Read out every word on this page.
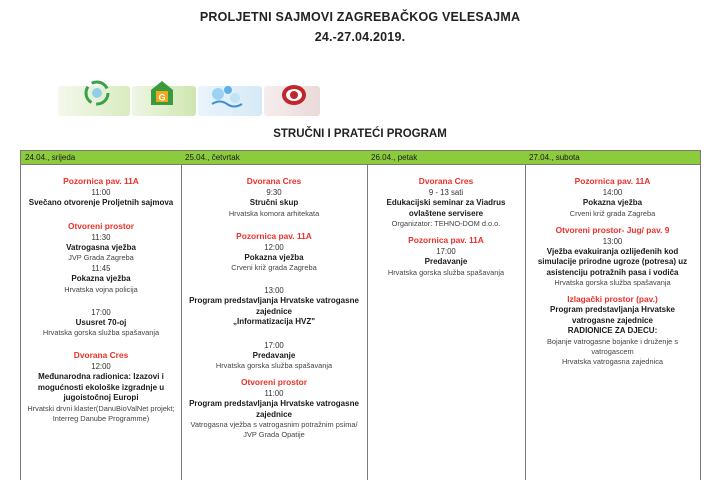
PROLJETNI SAJMOVI ZAGREBAČKOG VELESAJMA
24.-27.04.2019.
G
STRUČNI I PRATEĆI PROGRAM
24.04., srijeda
Pozornica pav. 11A
11:00
Svečano otvorenje Proljetnih sajmova
Otvoreni prostor
11:30
Vatrogasna vježba
JVP Grada Zagreba
11:45
Pokazna vježba
Hrvatska vojna policija
17:00
Ususret 70-oj
Hrvatska gorska služba spašavanja
Dvorana Cres
12:00
Međunarodna radionica: Izazovi i mogućnosti ekološke izgradnje u jugoistočnoj Europi
Hrvatski drvni klaster(DanuBioValNet projekt; Interreg Danube Programme)
25.04., četvrtak
Dvorana Cres
9:30
Stručni skup
Hrvatska komora arhitekata
Pozornica pav. 11A
12:00
Pokazna vježba
Crveni križ grada Zagreba
13:00
Program predstavljanja Hrvatske vatrogasne zajednice
„Informatizacija HVZ"
17:00
Predavanje
Hrvatska gorska služba spašavanja
Otvoreni prostor
11:00
Program predstavljanja Hrvatske vatrogasne zajednice
Vatrogasna vježba s vatrogasnim potražnim psima/ JVP Grada Opatije
26.04., petak
Dvorana Cres
9 - 13 sati
Edukacijski seminar za Viadrus ovlaštene servisere
Organizator: TEHNO-DOM d.o.o.
Pozornica pav. 11A
17:00
Predavanje
Hrvatska gorska služba spašavanja
27.04., subota
Pozornica pav. 11A
14:00
Pokazna vježba
Crveni križ grada Zagreba
Otvoreni prostor- Jug/ pav. 9
13:00
Vježba evakuiranja ozlijeđenih kod simulacije prirodne ugroze (potresa) uz asistenciju potražnih pasa i vodiča
Hrvatska gorska služba spašavanja
Izlagački prostor (pav.)
Program predstavljanja Hrvatske vatrogasne zajednice
RADIONICE ZA DJECU:
Bojanje vatrogasne bojanke i druženje s vatrogascem
Hrvatska vatrogasna zajednica
